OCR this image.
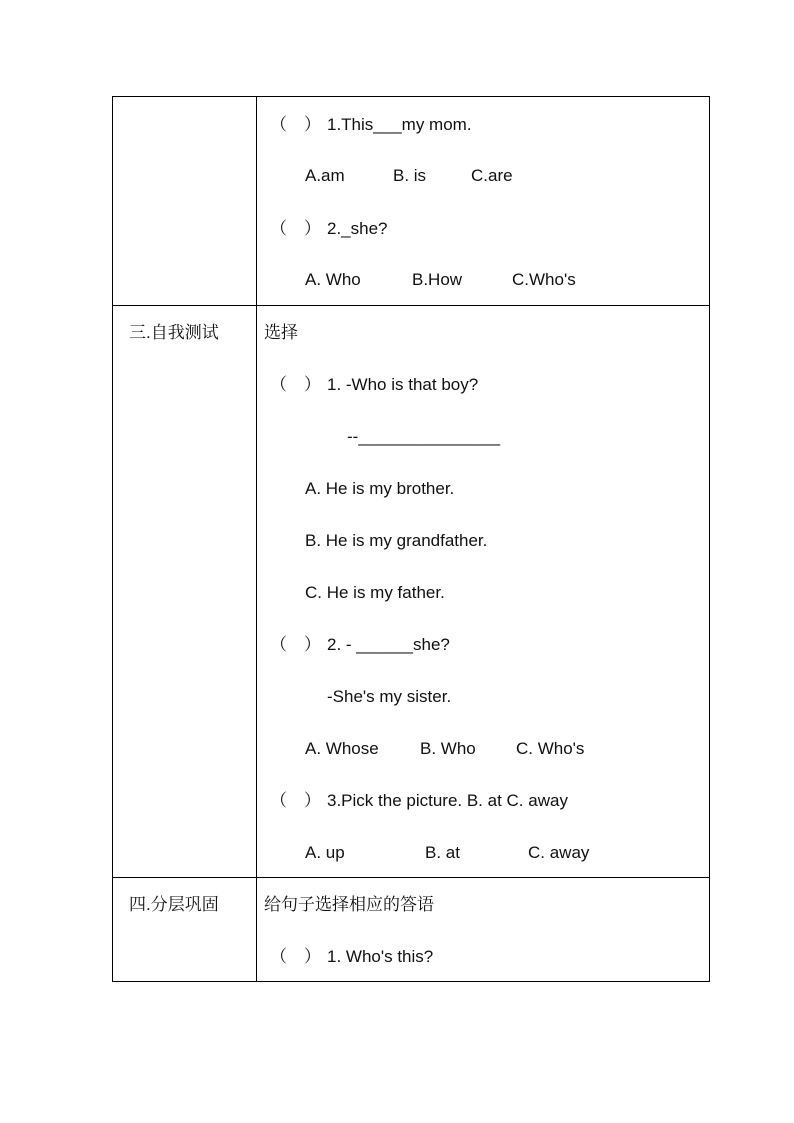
（　） 1.This___my mom.
A.am	B. is	C.are
（　） 2._she?
A. Who	B.How	C.Who's
三.自我测试	选择
（　） 1. -Who is that boy?
--_______________
A. He is my brother.
B. He is my grandfather.
C. He is my father.
（　） 2. - ______she?
-She's my sister.
A. Whose B. Who C. Who's
（　） 3.Pick the picture. B. at C. away
A. up	B. at	C. away
四.分层巩固	给句子选择相应的答语
（　） 1. Who's this?
